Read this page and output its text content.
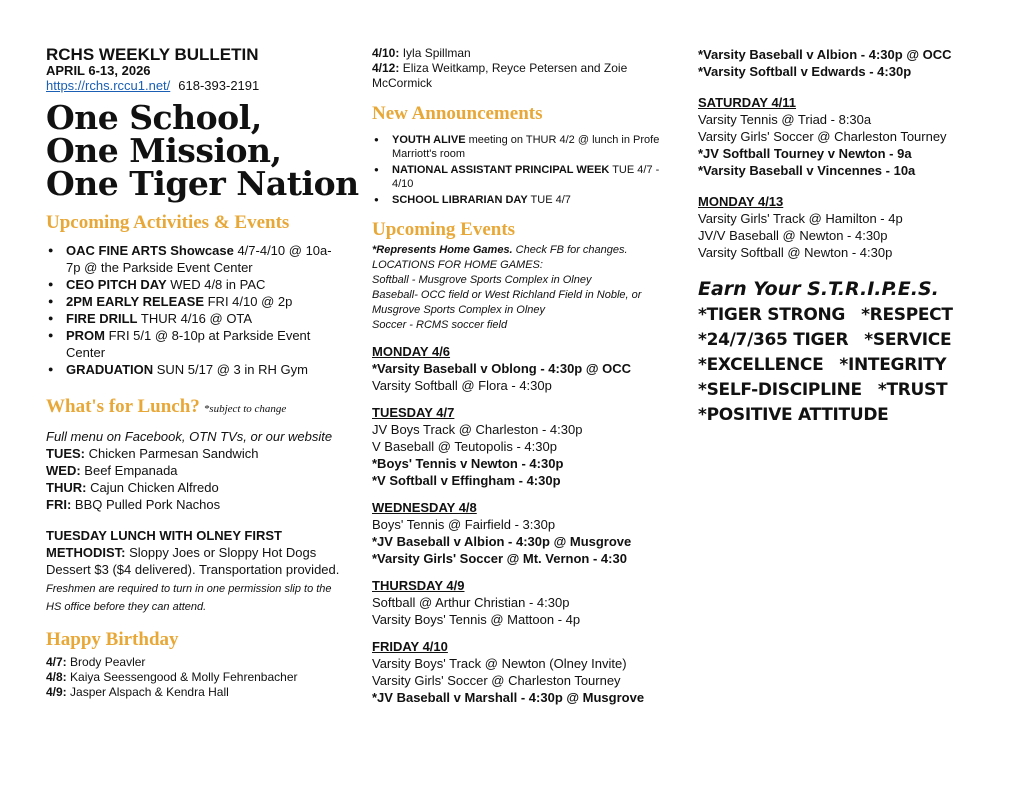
RCHS WEEKLY BULLETIN

APRIL 6-13, 2026

https://rchs.rccu1.net/ 618-393-2191

One School,
One Mission,
One Tiger Nation
Upcoming Activities & Events
● OAC FINE ARTS Showcase 4/7-4/10 @ 10a-7p @ the Parkside Event Center
● CEO PITCH DAY WED 4/8 in PAC
● 2PM EARLY RELEASE FRI 4/10 @ 2p
● FIRE DRILL THUR 4/16 @ OTA
● PROM FRI 5/1 @ 8-10p at Parkside Event Center
● GRADUATION SUN 5/17 @ 3 in RH Gym
What's for Lunch? *subject to change

Full menu on Facebook, OTN TVs, or our website

TUES: Chicken Parmesan Sandwich

WED: Beef Empanada

THUR: Cajun Chicken Alfredo

FRI: BBQ Pulled Pork Nachos

TUESDAY LUNCH WITH OLNEY FIRST METHODIST: Sloppy Joes or Sloppy Hot Dogs Dessert $3 ($4 delivered). Transportation provided. Freshmen are required to turn in one permission slip to the HS office before they can attend.

Happy Birthday

4/7: Brody Peavler

4/8: Kaiya Seessengood & Molly Fehrenbacher

4/9: Jasper Alspach & Kendra Hall

4/10: Iyla Spillman

4/12: Eliza Weitkamp, Reyce Petersen and Zoie McCormick

New Announcements
● YOUTH ALIVE meeting on THUR 4/2 @ lunch in Profe Marriott's room
● NATIONAL ASSISTANT PRINCIPAL WEEK TUE 4/7 - 4/10
● SCHOOL LIBRARIAN DAY TUE 4/7
Upcoming Events
*Represents Home Games. Check FB for changes.
LOCATIONS FOR HOME GAMES:
Softball - Musgrove Sports Complex in Olney
Baseball- OCC field or West Richland Field in Noble, or Musgrove Sports Complex in Olney
Soccer - RCMS soccer field

MONDAY 4/6

*Varsity Baseball v Oblong - 4:30p @ OCC

Varsity Softball @ Flora - 4:30p

TUESDAY 4/7

JV Boys Track @ Charleston - 4:30p

V Baseball @ Teutopolis - 4:30p

*Boys' Tennis v Newton - 4:30p

*V Softball v Effingham - 4:30p

WEDNESDAY 4/8

Boys' Tennis @ Fairfield - 3:30p

*JV Baseball v Albion - 4:30p @ Musgrove

*Varsity Girls' Soccer @ Mt. Vernon - 4:30

THURSDAY 4/9

Softball @ Arthur Christian - 4:30p

Varsity Boys' Tennis @ Mattoon - 4p

FRIDAY 4/10

Varsity Boys' Track @ Newton (Olney Invite)

Varsity Girls' Soccer @ Charleston Tourney

*JV Baseball v Marshall - 4:30p @ Musgrove

*Varsity Baseball v Albion - 4:30p @ OCC

*Varsity Softball v Edwards - 4:30p

SATURDAY 4/11

Varsity Tennis @ Triad - 8:30a

Varsity Girls' Soccer @ Charleston Tourney

*JV Softball Tourney v Newton - 9a

*Varsity Baseball v Vincennes - 10a

MONDAY 4/13

Varsity Girls' Track @ Hamilton - 4p

JV/V Baseball @ Newton - 4:30p

Varsity Softball @ Newton - 4:30p

Earn Your S.T.R.I.P.E.S.

*TIGER STRONG *RESPECT

*24/7/365 TIGER *SERVICE

*EXCELLENCE *INTEGRITY

*SELF-DISCIPLINE *TRUST

*POSITIVE ATTITUDE
